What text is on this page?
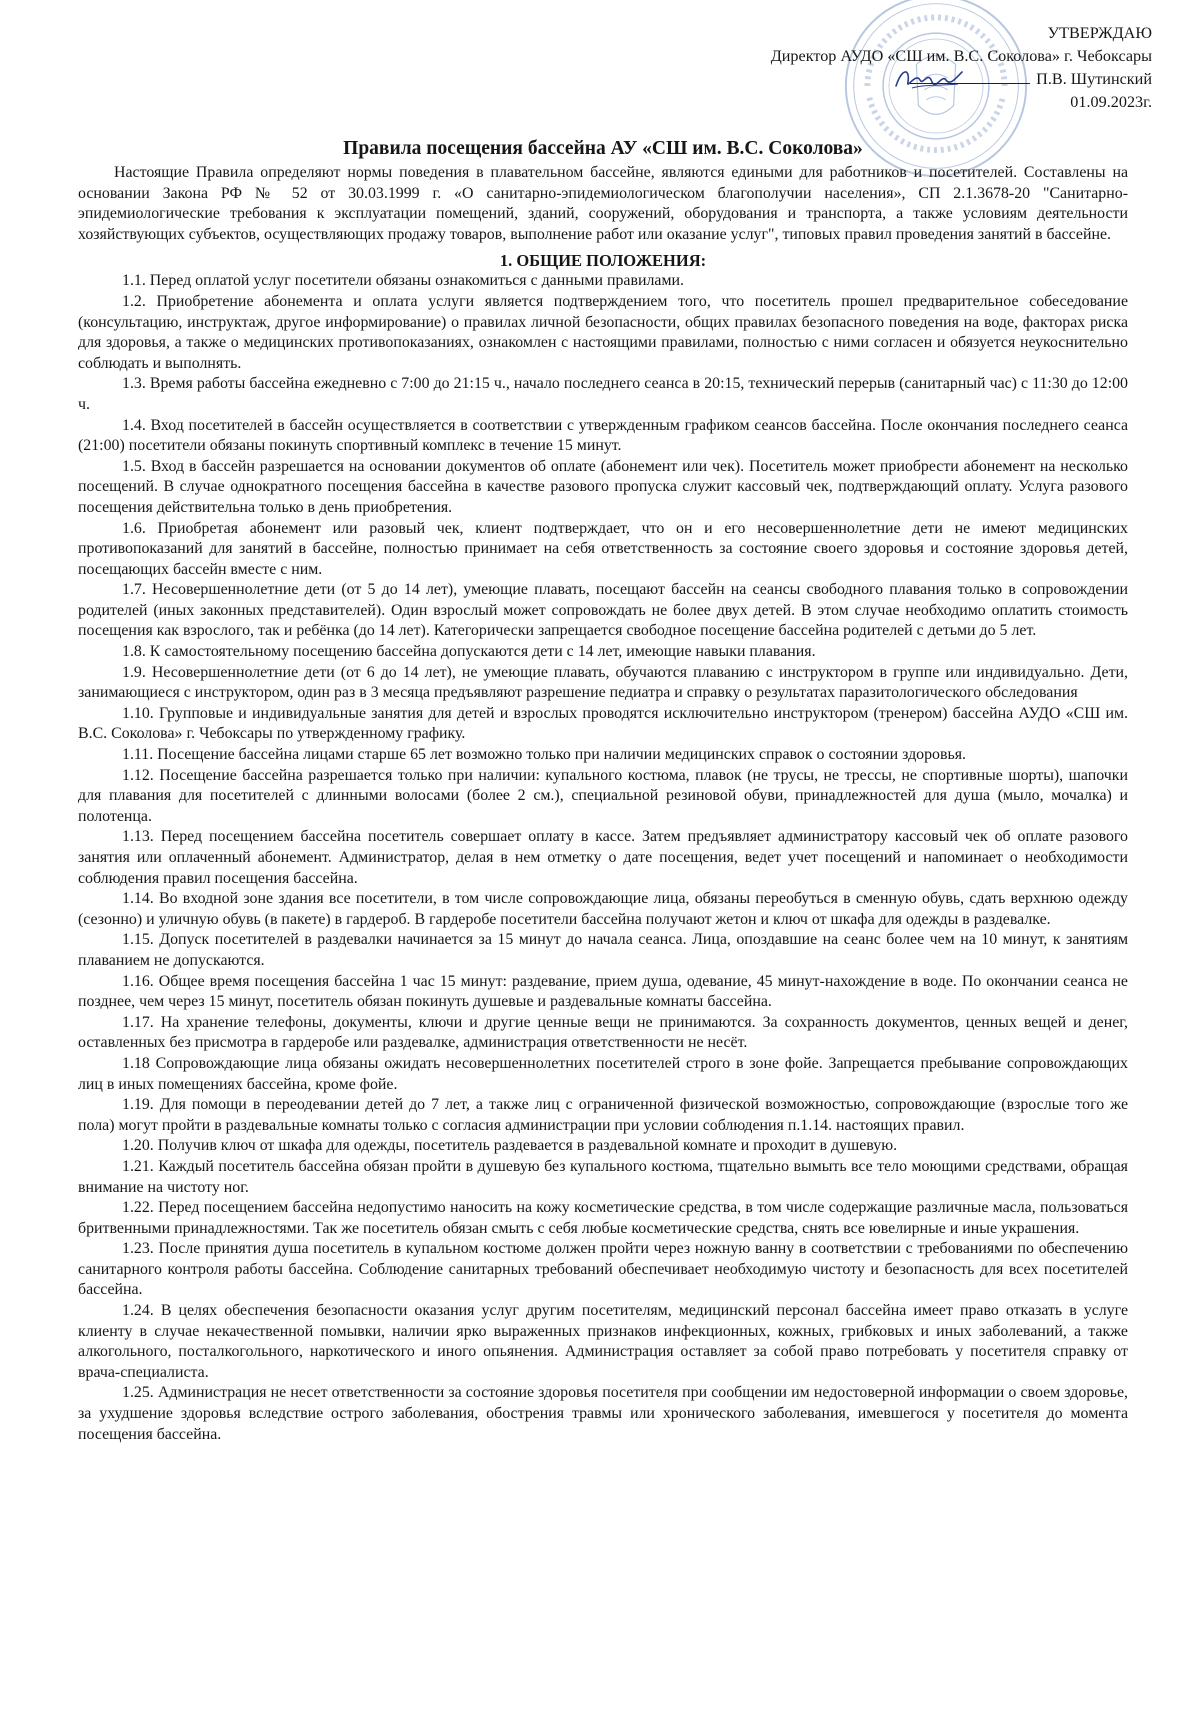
УТВЕРЖДАЮ
Директор АУДО «СШ им. В.С. Соколова» г. Чебоксары
П.В. Шутинский
01.09.2023г.
Правила посещения бассейна АУ «СШ им. В.С. Соколова»

Настоящие Правила определяют нормы поведения в плавательном бассейне, являются едиными для работников и посетителей. Составлены на основании Закона РФ № 52 от 30.03.1999 г. «О санитарно-эпидемиологическом благополучии населения», СП 2.1.3678-20 "Санитарно-эпидемиологические требования к эксплуатации помещений, зданий, сооружений, оборудования и транспорта, а также условиям деятельности хозяйствующих субъектов, осуществляющих продажу товаров, выполнение работ или оказание услуг", типовых правил проведения занятий в бассейне.

1. ОБЩИЕ ПОЛОЖЕНИЯ:

1.1. Перед оплатой услуг посетители обязаны ознакомиться с данными правилами.

1.2. Приобретение абонемента и оплата услуги является подтверждением того, что посетитель прошел предварительное собеседование (консультацию, инструктаж, другое информирование) о правилах личной безопасности, общих правилах безопасного поведения на воде, факторах риска для здоровья, а также о медицинских противопоказаниях, ознакомлен с настоящими правилами, полностью с ними согласен и обязуется неукоснительно соблюдать и выполнять.

1.3. Время работы бассейна ежедневно с 7:00 до 21:15 ч., начало последнего сеанса в 20:15, технический перерыв (санитарный час) с 11:30 до 12:00 ч.

1.4. Вход посетителей в бассейн осуществляется в соответствии с утвержденным графиком сеансов бассейна. После окончания последнего сеанса (21:00) посетители обязаны покинуть спортивный комплекс в течение 15 минут.

1.5. Вход в бассейн разрешается на основании документов об оплате (абонемент или чек). Посетитель может приобрести абонемент на несколько посещений. В случае однократного посещения бассейна в качестве разового пропуска служит кассовый чек, подтверждающий оплату. Услуга разового посещения действительна только в день приобретения.

1.6. Приобретая абонемент или разовый чек, клиент подтверждает, что он и его несовершеннолетние дети не имеют медицинских противопоказаний для занятий в бассейне, полностью принимает на себя ответственность за состояние своего здоровья и состояние здоровья детей, посещающих бассейн вместе с ним.

1.7. Несовершеннолетние дети (от 5 до 14 лет), умеющие плавать, посещают бассейн на сеансы свободного плавания только в сопровождении родителей (иных законных представителей). Один взрослый может сопровождать не более двух детей. В этом случае необходимо оплатить стоимость посещения как взрослого, так и ребёнка (до 14 лет). Категорически запрещается свободное посещение бассейна родителей с детьми до 5 лет.

1.8. К самостоятельному посещению бассейна допускаются дети с 14 лет, имеющие навыки плавания.

1.9. Несовершеннолетние дети (от 6 до 14 лет), не умеющие плавать, обучаются плаванию с инструктором в группе или индивидуально. Дети, занимающиеся с инструктором, один раз в 3 месяца предъявляют разрешение педиатра и справку о результатах паразитологического обследования

1.10. Групповые и индивидуальные занятия для детей и взрослых проводятся исключительно инструктором (тренером) бассейна АУДО «СШ им. В.С. Соколова» г. Чебоксары по утвержденному графику.

1.11. Посещение бассейна лицами старше 65 лет возможно только при наличии медицинских справок о состоянии здоровья.

1.12. Посещение бассейна разрешается только при наличии: купального костюма, плавок (не трусы, не трессы, не спортивные шорты), шапочки для плавания для посетителей с длинными волосами (более 2 см.), специальной резиновой обуви, принадлежностей для душа (мыло, мочалка) и полотенца.

1.13. Перед посещением бассейна посетитель совершает оплату в кассе. Затем предъявляет администратору кассовый чек об оплате разового занятия или оплаченный абонемент. Администратор, делая в нем отметку о дате посещения, ведет учет посещений и напоминает о необходимости соблюдения правил посещения бассейна.

1.14. Во входной зоне здания все посетители, в том числе сопровождающие лица, обязаны переобуться в сменную обувь, сдать верхнюю одежду (сезонно) и уличную обувь (в пакете) в гардероб. В гардеробе посетители бассейна получают жетон и ключ от шкафа для одежды в раздевалке.

1.15. Допуск посетителей в раздевалки начинается за 15 минут до начала сеанса. Лица, опоздавшие на сеанс более чем на 10 минут, к занятиям плаванием не допускаются.

1.16. Общее время посещения бассейна 1 час 15 минут: раздевание, прием душа, одевание, 45 минут-нахождение в воде. По окончании сеанса не позднее, чем через 15 минут, посетитель обязан покинуть душевые и раздевальные комнаты бассейна.

1.17. На хранение телефоны, документы, ключи и другие ценные вещи не принимаются. За сохранность документов, ценных вещей и денег, оставленных без присмотра в гардеробе или раздевалке, администрация ответственности не несёт.

1.18 Сопровождающие лица обязаны ожидать несовершеннолетних посетителей строго в зоне фойе. Запрещается пребывание сопровождающих лиц в иных помещениях бассейна, кроме фойе.

1.19. Для помощи в переодевании детей до 7 лет, а также лиц с ограниченной физической возможностью, сопровождающие (взрослые того же пола) могут пройти в раздевальные комнаты только с согласия администрации при условии соблюдения п.1.14. настоящих правил.

1.20. Получив ключ от шкафа для одежды, посетитель раздевается в раздевальной комнате и проходит в душевую.

1.21. Каждый посетитель бассейна обязан пройти в душевую без купального костюма, тщательно вымыть все тело моющими средствами, обращая внимание на чистоту ног.

1.22. Перед посещением бассейна недопустимо наносить на кожу косметические средства, в том числе содержащие различные масла, пользоваться бритвенными принадлежностями. Так же посетитель обязан смыть с себя любые косметические средства, снять все ювелирные и иные украшения.

1.23. После принятия душа посетитель в купальном костюме должен пройти через ножную ванну в соответствии с требованиями по обеспечению санитарного контроля работы бассейна. Соблюдение санитарных требований обеспечивает необходимую чистоту и безопасность для всех посетителей бассейна.

1.24. В целях обеспечения безопасности оказания услуг другим посетителям, медицинский персонал бассейна имеет право отказать в услуге клиенту в случае некачественной помывки, наличии ярко выраженных признаков инфекционных, кожных, грибковых и иных заболеваний, а также алкогольного, посталкогольного, наркотического и иного опьянения. Администрация оставляет за собой право потребовать у посетителя справку от врача-специалиста.

1.25. Администрация не несет ответственности за состояние здоровья посетителя при сообщении им недостоверной информации о своем здоровье, за ухудшение здоровья вследствие острого заболевания, обострения травмы или хронического заболевания, имевшегося у посетителя до момента посещения бассейна.
